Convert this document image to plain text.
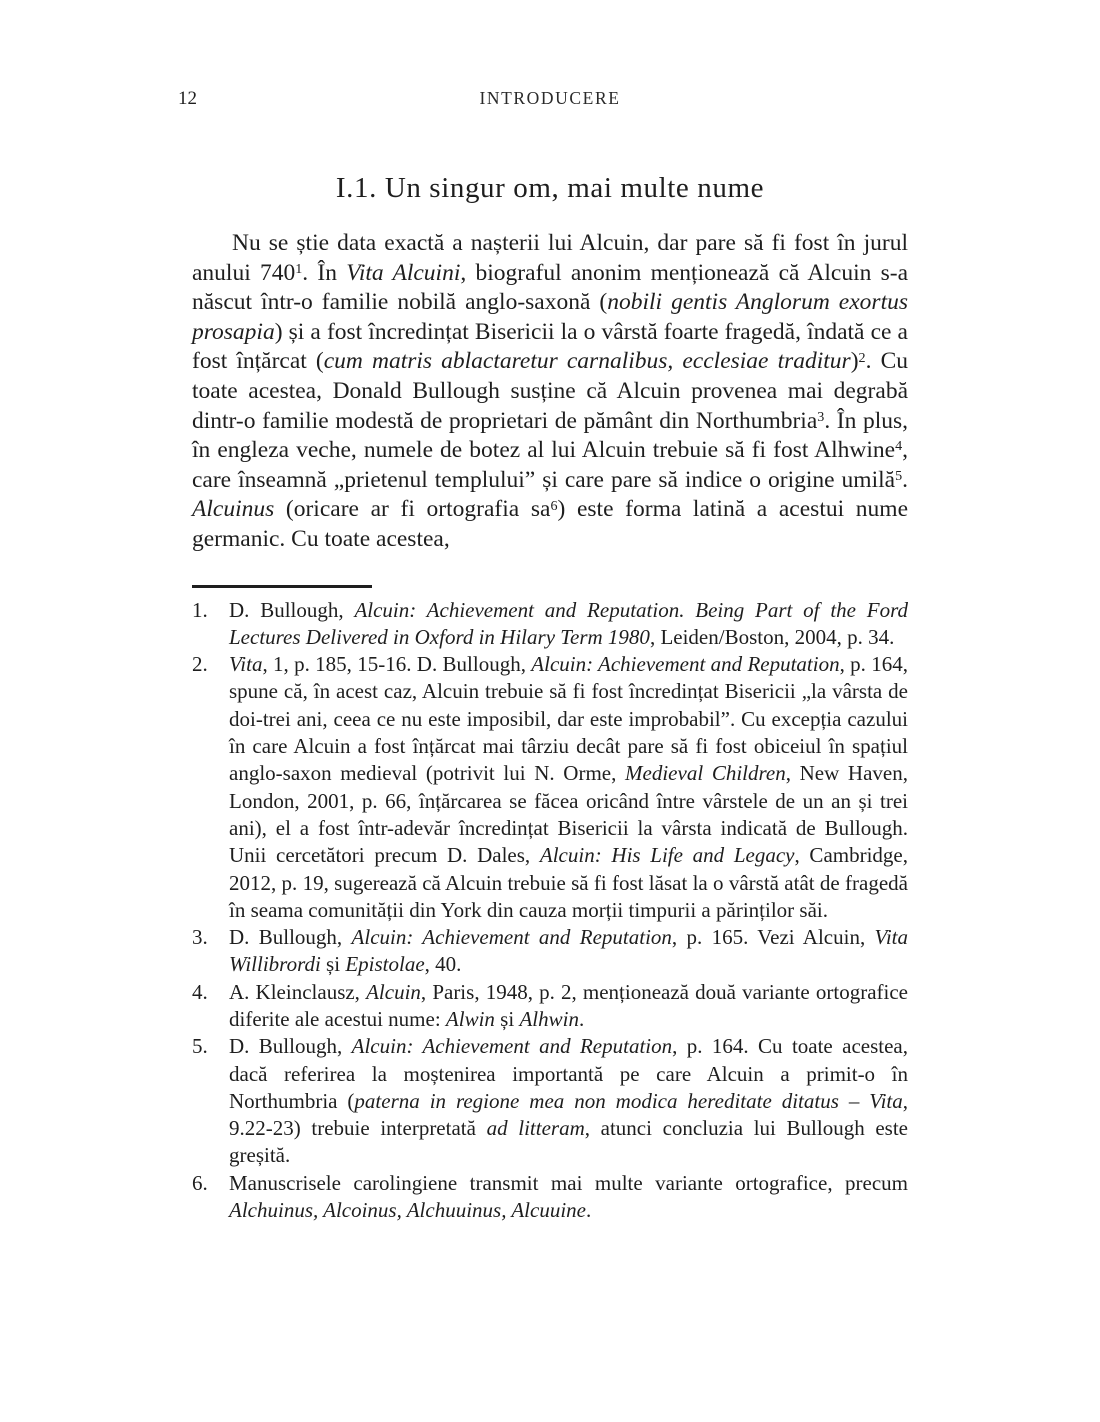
12	INTRODUCERE
I.1. Un singur om, mai multe nume

Nu se știe data exactă a nașterii lui Alcuin, dar pare să fi fost în jurul anului 740$^1$. În Vita Alcuini, biograful anonim menționează că Alcuin s-a născut într-o familie nobilă anglo-saxonă (nobili gentis Anglorum exortus prosapia) și a fost încredințat Bisericii la o vârstă foarte fragedă, îndată ce a fost înțărcat (cum matris ablactaretur carnalibus, ecclesiae traditur)$^2$. Cu toate acestea, Donald Bullough susține că Alcuin provenea mai degrabă dintr-o familie modestă de proprietari de pământ din Northumbria$^3$. În plus, în engleza veche, numele de botez al lui Alcuin trebuie să fi fost Alhwine$^4$, care înseamnă „prietenul templului” și care pare să indice o origine umilă$^5$. Alcuinus (oricare ar fi ortografia sa$^6$) este forma latină a acestui nume germanic. Cu toate acestea,

1. D. Bullough, Alcuin: Achievement and Reputation. Being Part of the Ford Lectures Delivered in Oxford in Hilary Term 1980, Leiden/Boston, 2004, p. 34.
2. Vita, 1, p. 185, 15-16. D. Bullough, Alcuin: Achievement and Reputation, p. 164, spune că, în acest caz, Alcuin trebuie să fi fost încredințat Bisericii „la vârsta de doi-trei ani, ceea ce nu este imposibil, dar este improbabil”. Cu excepția cazului în care Alcuin a fost înțărcat mai târziu decât pare să fi fost obiceiul în spațiul anglo-saxon medieval (potrivit lui N. Orme, Medieval Children, New Haven, London, 2001, p. 66, înțărcarea se făcea oricând între vârstele de un an și trei ani), el a fost într-adevăr încredințat Bisericii la vârsta indicată de Bullough. Unii cercetători precum D. Dales, Alcuin: His Life and Legacy, Cambridge, 2012, p. 19, sugerează că Alcuin trebuie să fi fost lăsat la o vârstă atât de fragedă în seama comunității din York din cauza morții timpurii a părinților săi.
3. D. Bullough, Alcuin: Achievement and Reputation, p. 165. Vezi Alcuin, Vita Willibrordi și Epistolae, 40.
4. A. Kleinclausz, Alcuin, Paris, 1948, p. 2, menționează două variante ortografice diferite ale acestui nume: Alwin și Alhwin.
5. D. Bullough, Alcuin: Achievement and Reputation, p. 164. Cu toate acestea, dacă referirea la moștenirea importantă pe care Alcuin a primit-o în Northumbria (paterna in regione mea non modica hereditate ditatus – Vita, 9.22-23) trebuie interpretată ad litteram, atunci concluzia lui Bullough este greșită.
6. Manuscrisele carolingiene transmit mai multe variante ortografice, precum Alchuinus, Alcoinus, Alchuuinus, Alcuuine.
